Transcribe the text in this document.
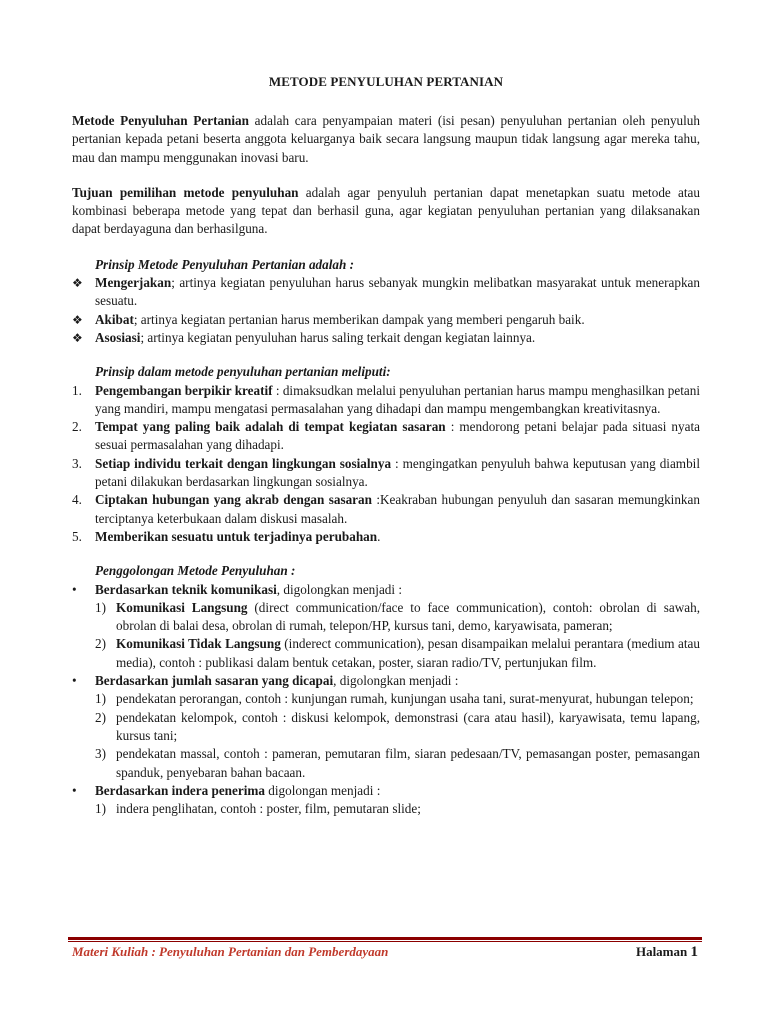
METODE PENYULUHAN PERTANIAN

Metode Penyuluhan Pertanian adalah cara penyampaian materi (isi pesan) penyuluhan pertanian oleh penyuluh pertanian kepada petani beserta anggota keluarganya baik secara langsung maupun tidak langsung agar mereka tahu, mau dan mampu menggunakan inovasi baru.

Tujuan pemilihan metode penyuluhan adalah agar penyuluh pertanian dapat menetapkan suatu metode atau kombinasi beberapa metode yang tepat dan berhasil guna, agar kegiatan penyuluhan pertanian yang dilaksanakan dapat berdayaguna dan berhasilguna.

Prinsip Metode Penyuluhan Pertanian adalah :
❖ Mengerjakan; artinya kegiatan penyuluhan harus sebanyak mungkin melibatkan masyarakat untuk menerapkan sesuatu.
❖ Akibat; artinya kegiatan pertanian harus memberikan dampak yang memberi pengaruh baik.
❖ Asosiasi; artinya kegiatan penyuluhan harus saling terkait dengan kegiatan lainnya.
Prinsip dalam metode penyuluhan pertanian meliputi:
1. Pengembangan berpikir kreatif : dimaksudkan melalui penyuluhan pertanian harus mampu menghasilkan petani yang mandiri, mampu mengatasi permasalahan yang dihadapi dan mampu mengembangkan kreativitasnya.
2. Tempat yang paling baik adalah di tempat kegiatan sasaran : mendorong petani belajar pada situasi nyata sesuai permasalahan yang dihadapi.
3. Setiap individu terkait dengan lingkungan sosialnya : mengingatkan penyuluh bahwa keputusan yang diambil petani dilakukan berdasarkan lingkungan sosialnya.
4. Ciptakan hubungan yang akrab dengan sasaran :Keakraban hubungan penyuluh dan sasaran memungkinkan terciptanya keterbukaan dalam diskusi masalah.
5. Memberikan sesuatu untuk terjadinya perubahan.
Penggolongan Metode Penyuluhan :
•	Berdasarkan teknik komunikasi, digolongkan menjadi :
1) Komunikasi Langsung (direct communication/face to face communication), contoh: obrolan di sawah, obrolan di balai desa, obrolan di rumah, telepon/HP, kursus tani, demo, karyawisata, pameran;
2) Komunikasi Tidak Langsung (inderect communication), pesan disampaikan melalui perantara (medium atau media), contoh : publikasi dalam bentuk cetakan, poster, siaran radio/TV, pertunjukan film.
•	Berdasarkan jumlah sasaran yang dicapai, digolongkan menjadi :
1) pendekatan perorangan, contoh : kunjungan rumah, kunjungan usaha tani, surat-menyurat, hubungan telepon;
2) pendekatan kelompok, contoh : diskusi kelompok, demonstrasi (cara atau hasil), karyawisata, temu lapang, kursus tani;
3) pendekatan massal, contoh : pameran, pemutaran film, siaran pedesaan/TV, pemasangan poster, pemasangan spanduk, penyebaran bahan bacaan.
•	Berdasarkan indera penerima digolongan menjadi :
1) indera penglihatan, contoh : poster, film, pemutaran slide;
Materi Kuliah : Penyuluhan Pertanian dan Pemberdayaan	Halaman 1
